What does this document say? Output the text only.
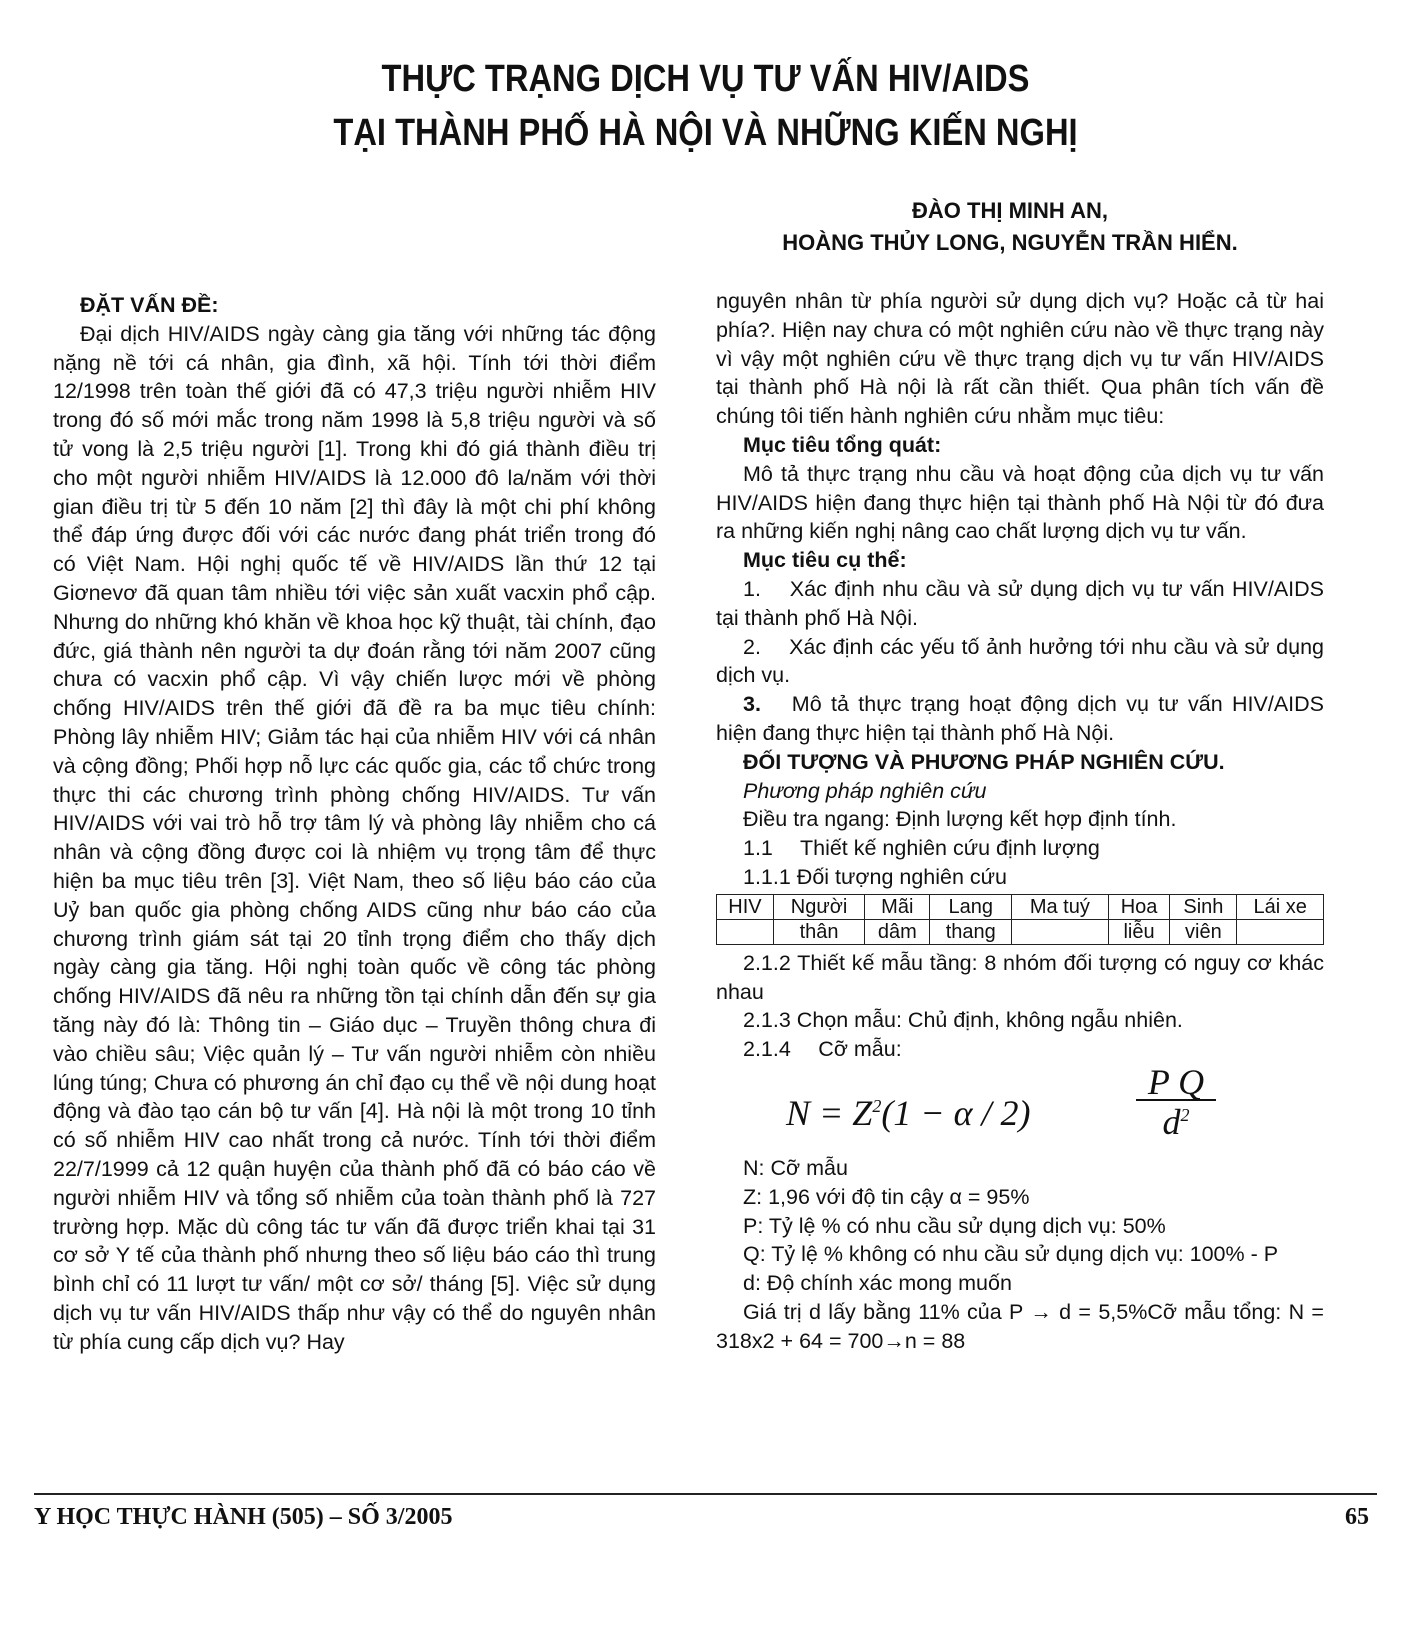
THỰC TRẠNG DỊCH VỤ TƯ VẤN HIV/AIDS
TẠI THÀNH PHỐ HÀ NỘI VÀ NHỮNG KIẾN NGHỊ
ĐÀO THỊ MINH AN,
HOÀNG THỦY LONG, NGUYỄN TRẦN HIỂN.

ĐẶT VẤN ĐỀ:

Đại dịch HIV/AIDS ngày càng gia tăng với những tác động nặng nề tới cá nhân, gia đình, xã hội. Tính tới thời điểm 12/1998 trên toàn thế giới đã có 47,3 triệu người nhiễm HIV trong đó số mới mắc trong năm 1998 là 5,8 triệu người và số tử vong là 2,5 triệu người [1]. Trong khi đó giá thành điều trị cho một người nhiễm HIV/AIDS là 12.000 đô la/năm với thời gian điều trị từ 5 đến 10 năm [2] thì đây là một chi phí không thể đáp ứng được đối với các nước đang phát triển trong đó có Việt Nam. Hội nghị quốc tế về HIV/AIDS lần thứ 12 tại Giơnevơ đã quan tâm nhiều tới việc sản xuất vacxin phổ cập. Nhưng do những khó khăn về khoa học kỹ thuật, tài chính, đạo đức, giá thành nên người ta dự đoán rằng tới năm 2007 cũng chưa có vacxin phổ cập. Vì vậy chiến lược mới về phòng chống HIV/AIDS trên thế giới đã đề ra ba mục tiêu chính: Phòng lây nhiễm HIV; Giảm tác hại của nhiễm HIV với cá nhân và cộng đồng; Phối hợp nỗ lực các quốc gia, các tổ chức trong thực thi các chương trình phòng chống HIV/AIDS. Tư vấn HIV/AIDS với vai trò hỗ trợ tâm lý và phòng lây nhiễm cho cá nhân và cộng đồng được coi là nhiệm vụ trọng tâm để thực hiện ba mục tiêu trên [3]. Việt Nam, theo số liệu báo cáo của Uỷ ban quốc gia phòng chống AIDS cũng như báo cáo của chương trình giám sát tại 20 tỉnh trọng điểm cho thấy dịch ngày càng gia tăng. Hội nghị toàn quốc về công tác phòng chống HIV/AIDS đã nêu ra những tồn tại chính dẫn đến sự gia tăng này đó là: Thông tin – Giáo dục – Truyền thông chưa đi vào chiều sâu; Việc quản lý – Tư vấn người nhiễm còn nhiều lúng túng; Chưa có phương án chỉ đạo cụ thể về nội dung hoạt động và đào tạo cán bộ tư vấn [4]. Hà nội là một trong 10 tỉnh có số nhiễm HIV cao nhất trong cả nước. Tính tới thời điểm 22/7/1999 cả 12 quận huyện của thành phố đã có báo cáo về người nhiễm HIV và tổng số nhiễm của toàn thành phố là 727 trường hợp. Mặc dù công tác tư vấn đã được triển khai tại 31 cơ sở Y tế của thành phố nhưng theo số liệu báo cáo thì trung bình chỉ có 11 lượt tư vấn/ một cơ sở/ tháng [5]. Việc sử dụng dịch vụ tư vấn HIV/AIDS thấp như vậy có thể do nguyên nhân từ phía cung cấp dịch vụ? Hay

nguyên nhân từ phía người sử dụng dịch vụ? Hoặc cả từ hai phía?. Hiện nay chưa có một nghiên cứu nào về thực trạng này vì vậy một nghiên cứu về thực trạng dịch vụ tư vấn HIV/AIDS tại thành phố Hà nội là rất cần thiết. Qua phân tích vấn đề chúng tôi tiến hành nghiên cứu nhằm mục tiêu:

Mục tiêu tổng quát:

Mô tả thực trạng nhu cầu và hoạt động của dịch vụ tư vấn HIV/AIDS hiện đang thực hiện tại thành phố Hà Nội từ đó đưa ra những kiến nghị nâng cao chất lượng dịch vụ tư vấn.

Mục tiêu cụ thể:

1.  Xác định nhu cầu và sử dụng dịch vụ tư vấn HIV/AIDS tại thành phố Hà Nội.

2.  Xác định các yếu tố ảnh hưởng tới nhu cầu và sử dụng dịch vụ.

3.  Mô tả thực trạng hoạt động dịch vụ tư vấn HIV/AIDS hiện đang thực hiện tại thành phố Hà Nội.

ĐỐI TƯỢNG VÀ PHƯƠNG PHÁP NGHIÊN CỨU.

Phương pháp nghiên cứu

Điều tra ngang: Định lượng kết hợp định tính.

1.1  Thiết kế nghiên cứu định lượng

1.1.1 Đối tượng nghiên cứu

HIV	Người	Mãi	Lang	Ma tuý	Hoa	Sinh	Lái xe
	thân	dâm	thang		liễu	viên	

2.1.2 Thiết kế mẫu tầng: 8 nhóm đối tượng có nguy cơ khác nhau

2.1.3 Chọn mẫu: Chủ định, không ngẫu nhiên.

2.1.4  Cỡ mẫu:

$N = Z^2(1 - \alpha / 2)$	$\frac{\text{P Q}}{d^2}$

N: Cỡ mẫu

Z: 1,96 với độ tin cậy α = 95%

P: Tỷ lệ % có nhu cầu sử dụng dịch vụ: 50%

Q: Tỷ lệ % không có nhu cầu sử dụng dịch vụ: 100% - P

d: Độ chính xác mong muốn

Giá trị d lấy bằng 11% của P → d = 5,5%Cỡ mẫu tổng: N = 318x2 + 64 = 700→n = 88

Y HỌC THỰC HÀNH (505) – SỐ 3/2005	65
